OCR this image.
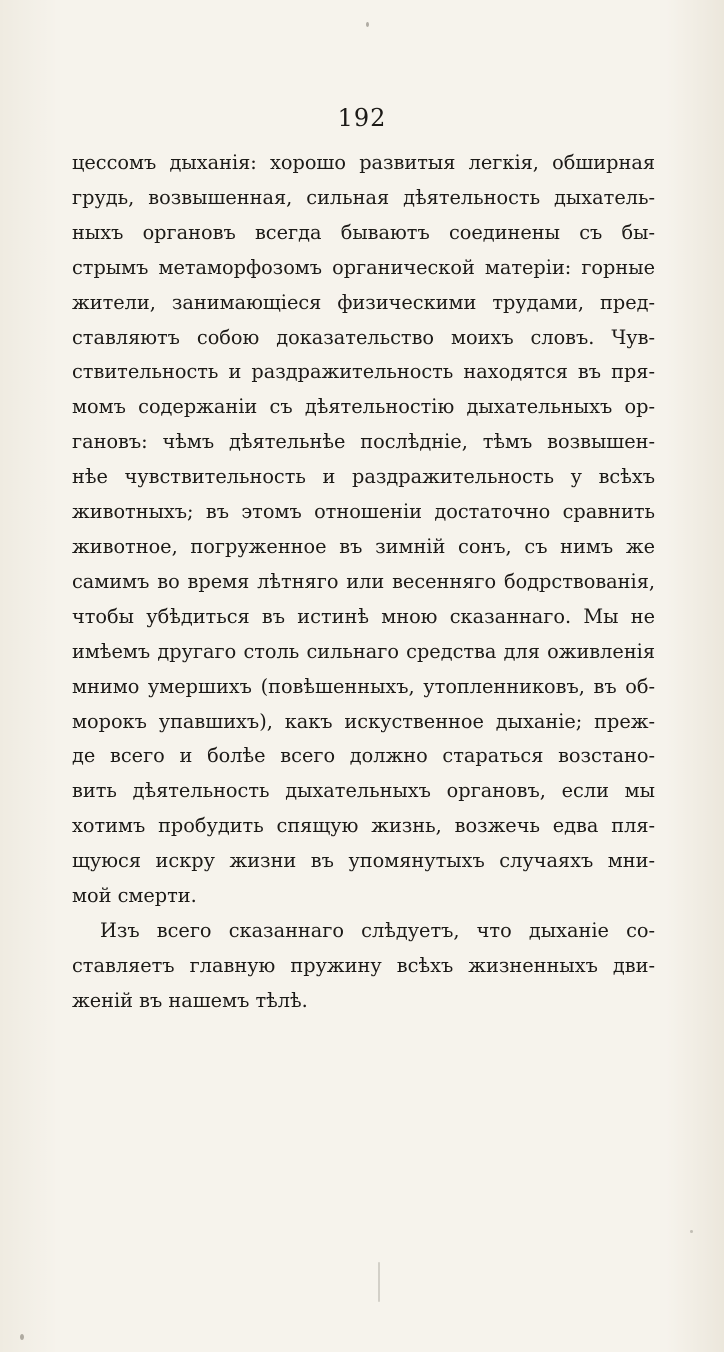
192
цессомъ дыханія: хорошо развитыя легкія, обширная
грудь, возвышенная, сильная дѣятельность дыхатель-
ныхъ органовъ всегда бываютъ соединены съ бы-
стрымъ метаморфозомъ органической матеріи: горные
жители, занимающіеся физическими трудами, пред-
ставляютъ собою доказательство моихъ словъ. Чув-
ствительность и раздражительность находятся въ пря-
момъ содержаніи съ дѣятельностію дыхательныхъ ор-
гановъ: чѣмъ дѣятельнѣе послѣдніе, тѣмъ возвышен-
нѣе чувствительность и раздражительность у всѣхъ
животныхъ; въ этомъ отношеніи достаточно сравнить
животное, погруженное въ зимній сонъ, съ нимъ же
самимъ во время лѣтняго или весенняго бодрствованія,
чтобы убѣдиться въ истинѣ мною сказаннаго. Мы не
имѣемъ другаго столь сильнаго средства для оживленія
мнимо умершихъ (повѣшенныхъ, утопленниковъ, въ об-
морокъ упавшихъ), какъ искуственное дыханіе; преж-
де всего и болѣе всего должно стараться возстано-
вить дѣятельность дыхательныхъ органовъ, если мы
хотимъ пробудить спящую жизнь, возжечь едва пля-
щуюся искру жизни въ упомянутыхъ случаяхъ мни-
мой смерти.
Изъ всего сказаннаго слѣдуетъ, что дыханіе со-
ставляетъ главную пружину всѣхъ жизненныхъ дви-
женій въ нашемъ тѣлѣ.
